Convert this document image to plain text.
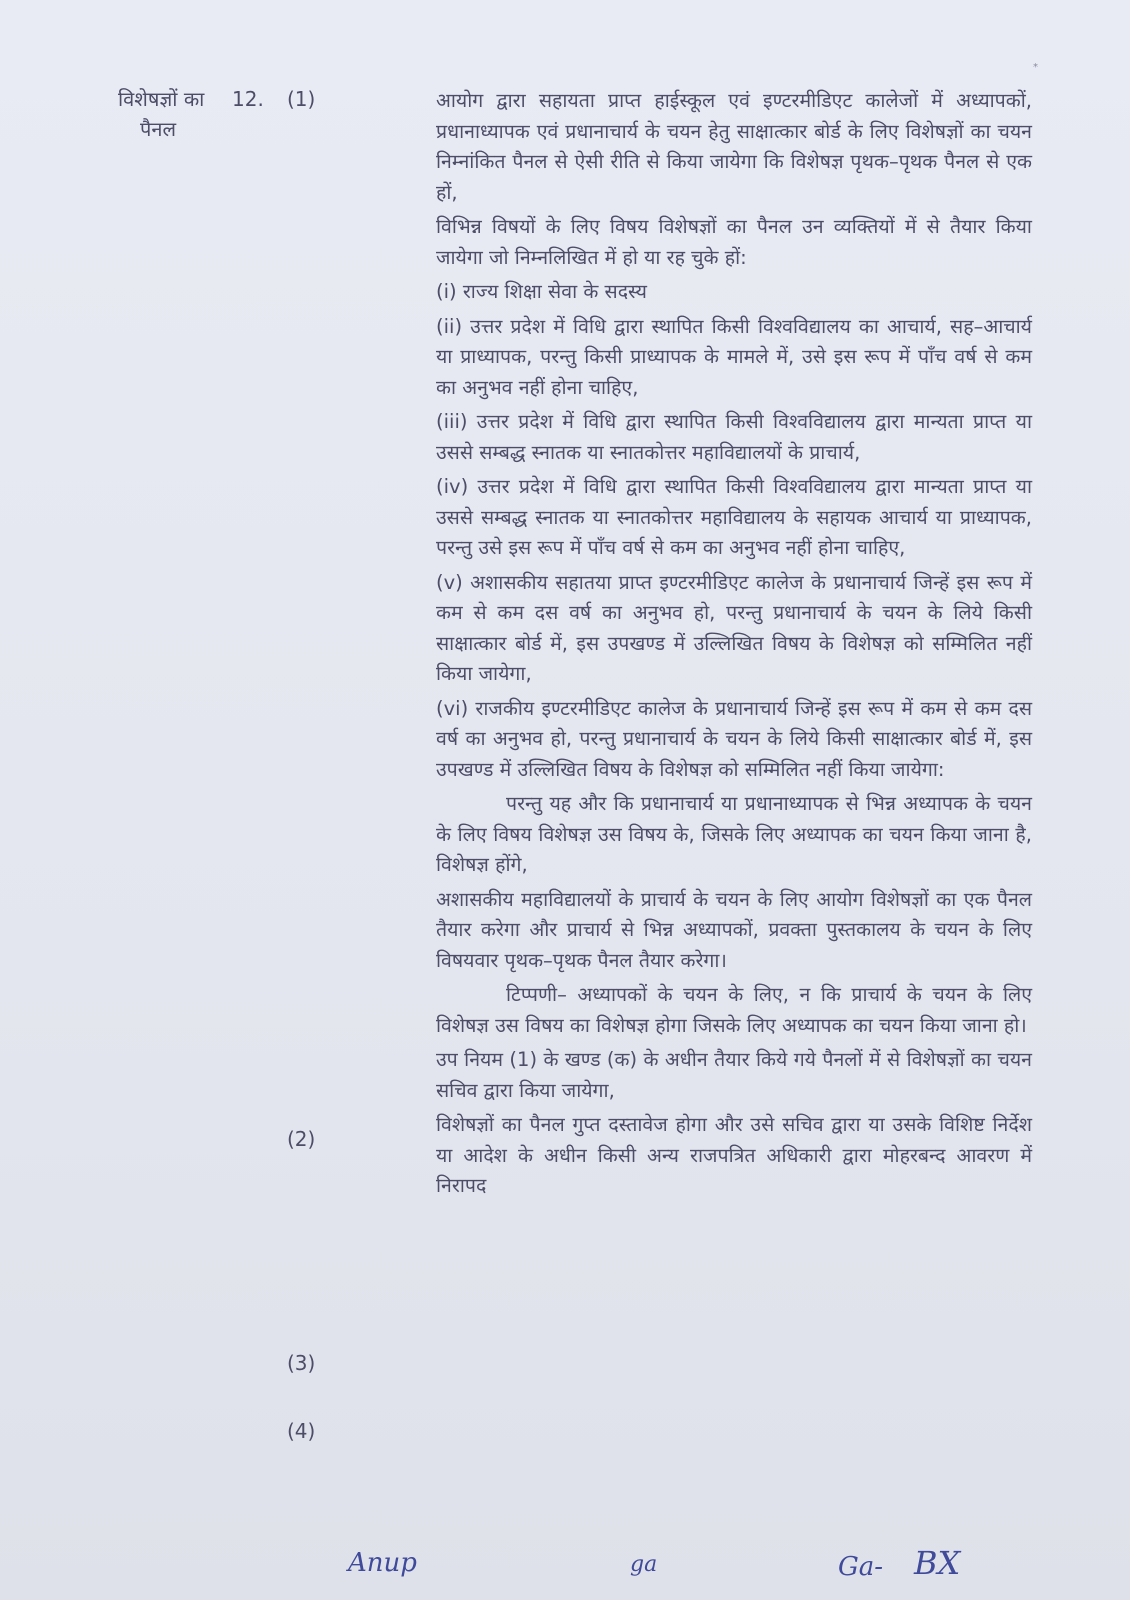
*
विशेषज्ञों का
पैनल
12. (1)
(2)
(3)
(4)

आयोग द्वारा सहायता प्राप्त हाईस्कूल एवं इण्टरमीडिएट कालेजों में अध्यापकों, प्रधानाध्यापक एवं प्रधानाचार्य के चयन हेतु साक्षात्कार बोर्ड के लिए विशेषज्ञों का चयन निम्नांकित पैनल से ऐसी रीति से किया जायेगा कि विशेषज्ञ पृथक–पृथक पैनल से एक हों,

विभिन्न विषयों के लिए विषय विशेषज्ञों का पैनल उन व्यक्तियों में से तैयार किया जायेगा जो निम्नलिखित में हो या रह चुके हों:

(i) राज्य शिक्षा सेवा के सदस्य

(ii) उत्तर प्रदेश में विधि द्वारा स्थापित किसी विश्वविद्यालय का आचार्य, सह–आचार्य या प्राध्यापक, परन्तु किसी प्राध्यापक के मामले में, उसे इस रूप में पाँच वर्ष से कम का अनुभव नहीं होना चाहिए,

(iii) उत्तर प्रदेश में विधि द्वारा स्थापित किसी विश्वविद्यालय द्वारा मान्यता प्राप्त या उससे सम्बद्ध स्नातक या स्नातकोत्तर महाविद्यालयों के प्राचार्य,

(iv) उत्तर प्रदेश में विधि द्वारा स्थापित किसी विश्वविद्यालय द्वारा मान्यता प्राप्त या उससे सम्बद्ध स्नातक या स्नातकोत्तर महाविद्यालय के सहायक आचार्य या प्राध्यापक, परन्तु उसे इस रूप में पाँच वर्ष से कम का अनुभव नहीं होना चाहिए,

(v) अशासकीय सहातया प्राप्त इण्टरमीडिएट कालेज के प्रधानाचार्य जिन्हें इस रूप में कम से कम दस वर्ष का अनुभव हो, परन्तु प्रधानाचार्य के चयन के लिये किसी साक्षात्कार बोर्ड में, इस उपखण्ड में उल्लिखित विषय के विशेषज्ञ को सम्मिलित नहीं किया जायेगा,

(vi) राजकीय इण्टरमीडिएट कालेज के प्रधानाचार्य जिन्हें इस रूप में कम से कम दस वर्ष का अनुभव हो, परन्तु प्रधानाचार्य के चयन के लिये किसी साक्षात्कार बोर्ड में, इस उपखण्ड में उल्लिखित विषय के विशेषज्ञ को सम्मिलित नहीं किया जायेगा:

परन्तु यह और कि प्रधानाचार्य या प्रधानाध्यापक से भिन्न अध्यापक के चयन के लिए विषय विशेषज्ञ उस विषय के, जिसके लिए अध्यापक का चयन किया जाना है, विशेषज्ञ होंगे,

अशासकीय महाविद्यालयों के प्राचार्य के चयन के लिए आयोग विशेषज्ञों का एक पैनल तैयार करेगा और प्राचार्य से भिन्न अध्यापकों, प्रवक्ता पुस्तकालय के चयन के लिए विषयवार पृथक–पृथक पैनल तैयार करेगा।

टिप्पणी– अध्यापकों के चयन के लिए, न कि प्राचार्य के चयन के लिए विशेषज्ञ उस विषय का विशेषज्ञ होगा जिसके लिए अध्यापक का चयन किया जाना हो।

उप नियम (1) के खण्ड (क) के अधीन तैयार किये गये पैनलों में से विशेषज्ञों का चयन सचिव द्वारा किया जायेगा,

विशेषज्ञों का पैनल गुप्त दस्तावेज होगा और उसे सचिव द्वारा या उसके विशिष्ट निर्देश या आदेश के अधीन किसी अन्य राजपत्रित अधिकारी द्वारा मोहरबन्द आवरण में निरापद

Anup	ga	Ga- BX
